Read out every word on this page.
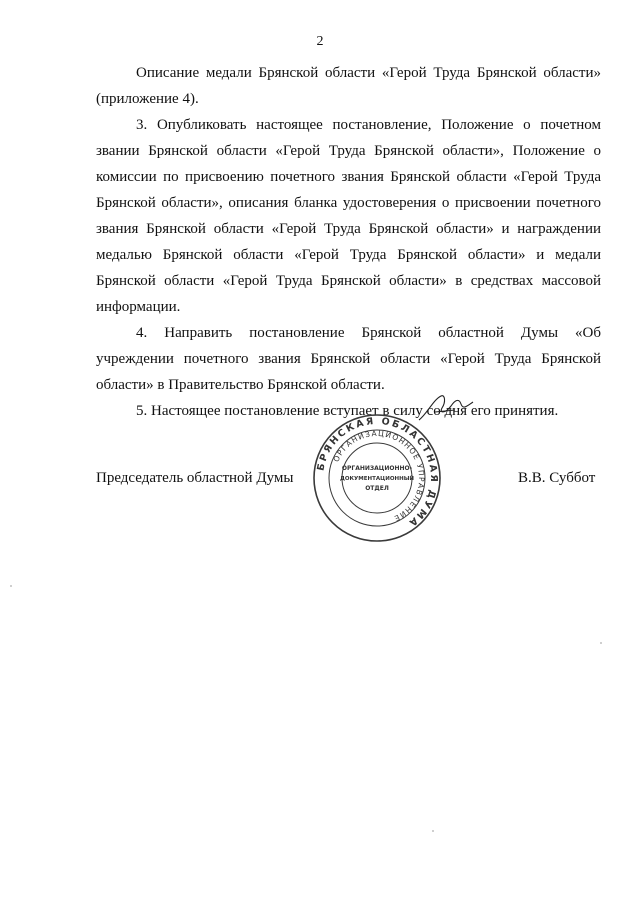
2

Описание медали Брянской области «Герой Труда Брянской области» (приложение 4).

3. Опубликовать настоящее постановление, Положение о почетном звании Брянской области «Герой Труда Брянской области», Положение о комиссии по присвоению почетного звания Брянской области «Герой Труда Брянской области», описания бланка удостоверения о присвоении почетного звания Брянской области «Герой Труда Брянской области» и награждении медалью Брянской области «Герой Труда Брянской области» и медали Брянской области «Герой Труда Брянской области» в средствах массовой информации.

4. Направить постановление Брянской областной Думы «Об учреждении почетного звания Брянской области «Герой Труда Брянской области» в Правительство Брянской области.

5. Настоящее постановление вступает в силу со дня его принятия.

Председатель областной Думы	В.В. Суббот
БРЯНСКАЯ ОБЛАСТНАЯ ДУМА
ОРГАНИЗАЦИОННОЕ УПРАВЛЕНИЕ
ОРГАНИЗАЦИОННО-
ДОКУМЕНТАЦИОННЫЙ
ОТДЕЛ
